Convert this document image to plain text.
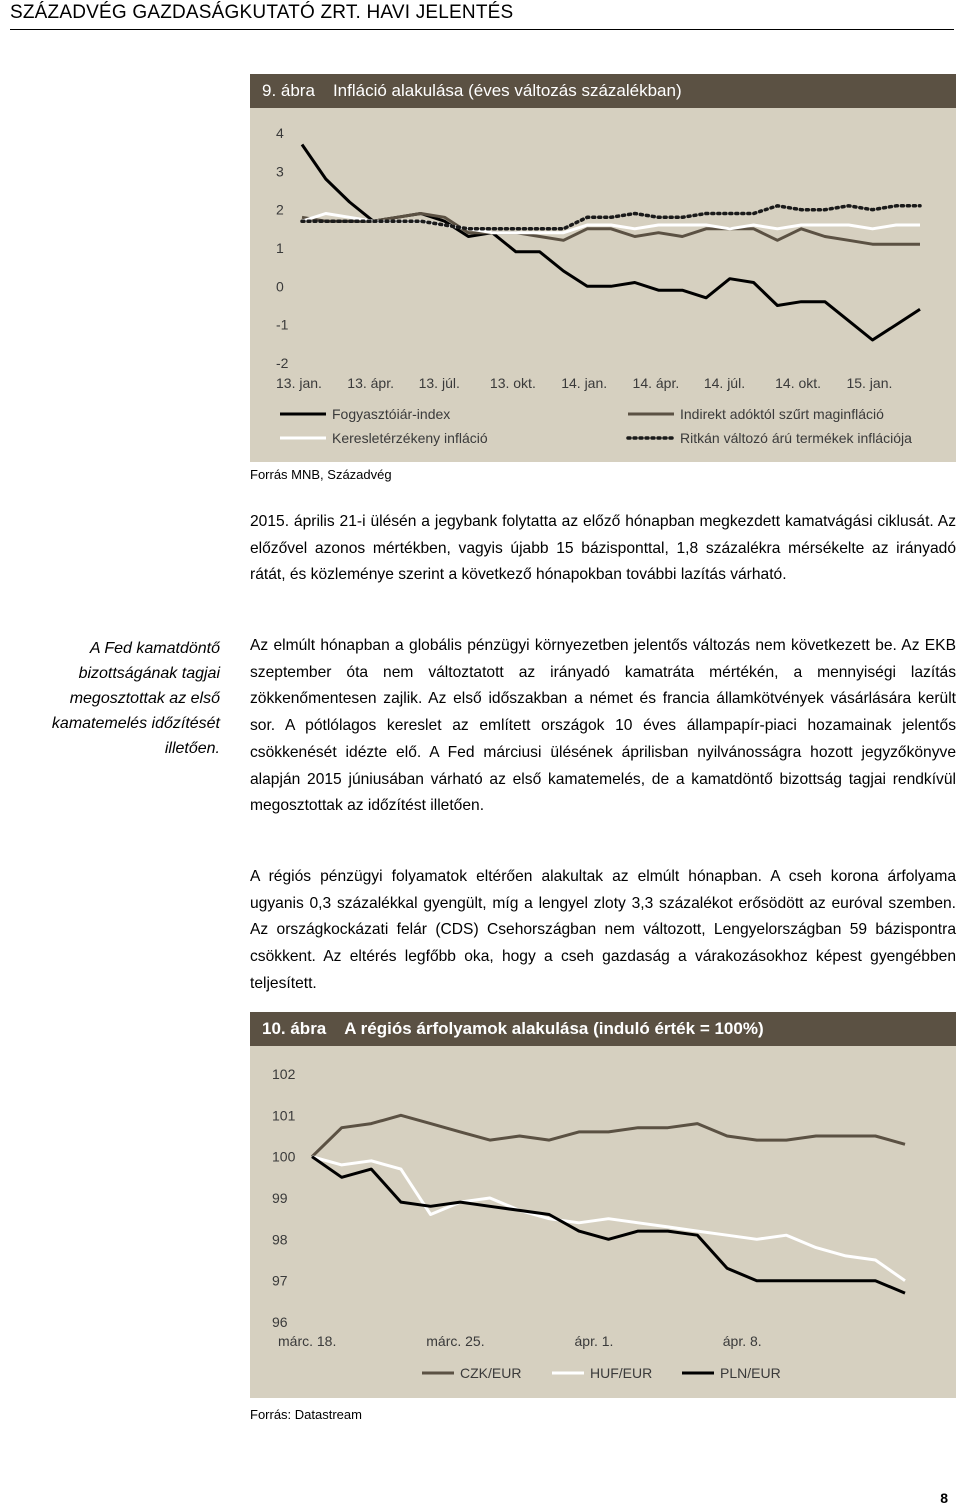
SZÁZADVÉG GAZDASÁGKUTATÓ ZRT. HAVI JELENTÉS
9. ábra Infláció alakulása (éves változás százalékban)
4
3
2
1
0
-1
-2
13. jan. 13. ápr. 13. júl. 13. okt. 14. jan. 14. ápr. 14. júl. 14. okt. 15. jan.
Fogyasztóiár-index	Indirekt adóktól szűrt maginfláció
Keresletérzékeny infláció	Ritkán változó árú termékek inflációja
Forrás MNB, Századvég
2015. április 21-i ülésén a jegybank folytatta az előző hónapban megkezdett kamatvágási ciklusát. Az előzővel azonos mértékben, vagyis újabb 15 bázisponttal, 1,8 százalékra mérsékelte az irányadó rátát, és közleménye szerint a következő hónapokban további lazítás várható.
A Fed kamatdöntő bizottságának tagjai megosztottak az első kamatemelés időzítését illetően.
Az elmúlt hónapban a globális pénzügyi környezetben jelentős változás nem következett be. Az EKB szeptember óta nem változtatott az irányadó kamatráta mértékén, a mennyiségi lazítás zökkenőmentesen zajlik. Az első időszakban a német és francia államkötvények vásárlására került sor. A pótlólagos kereslet az említett országok 10 éves állampapír-piaci hozamainak jelentős csökkenését idézte elő. A Fed márciusi ülésének áprilisban nyilvánosságra hozott jegyzőkönyve alapján 2015 júniusában várható az első kamatemelés, de a kamatdöntő bizottság tagjai rendkívül megosztottak az időzítést illetően.
A régiós pénzügyi folyamatok eltérően alakultak az elmúlt hónapban. A cseh korona árfolyama ugyanis 0,3 százalékkal gyengült, míg a lengyel zloty 3,3 százalékot erősödött az euróval szemben. Az országkockázati felár (CDS) Csehországban nem változott, Lengyelországban 59 bázispontra csökkent. Az eltérés legfőbb oka, hogy a cseh gazdaság a várakozásokhoz képest gyengébben teljesített.
10. ábra A régiós árfolyamok alakulása (induló érték = 100%)
102
101
100
99
98
97
96
márc. 18.	márc. 25.	ápr. 1.	ápr. 8.
CZK/EUR	HUF/EUR	PLN/EUR
Forrás: Datastream
8
